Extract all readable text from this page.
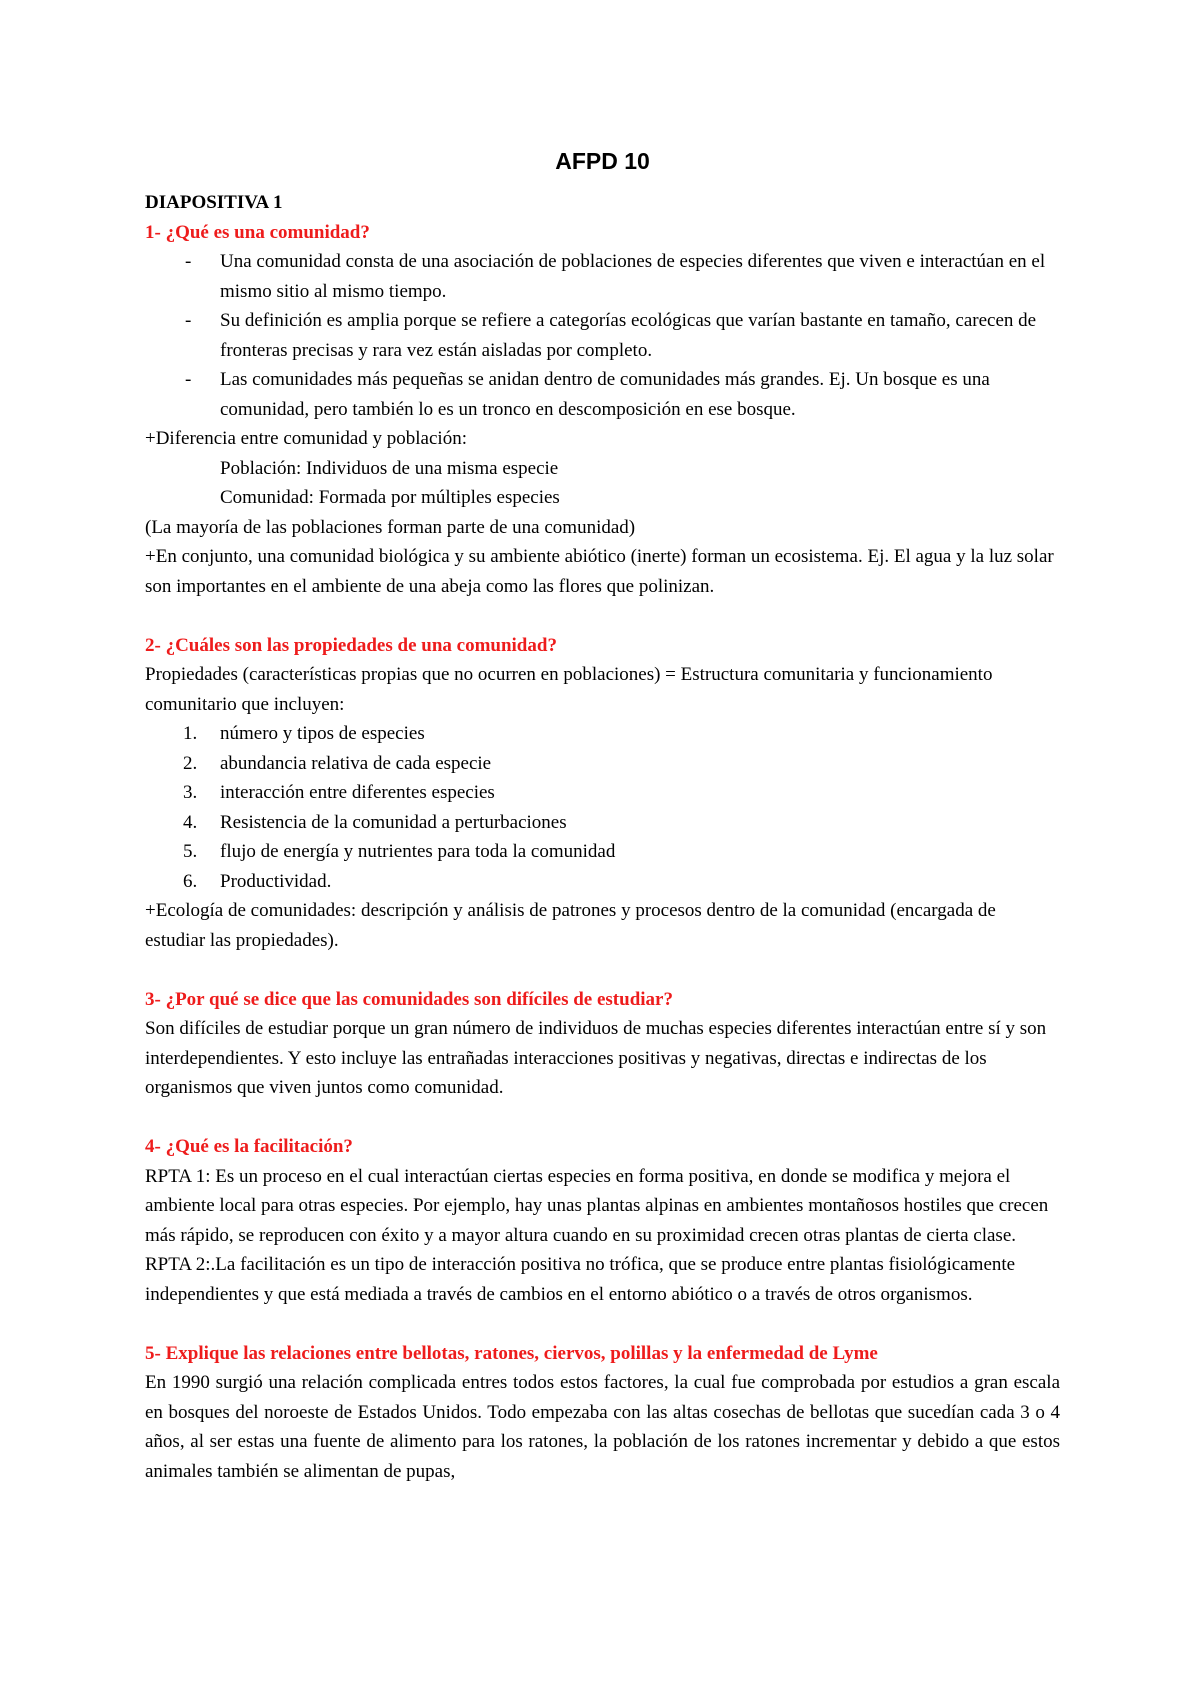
AFPD 10

DIAPOSITIVA 1

1- ¿Qué es una comunidad?

- Una comunidad consta de una asociación de poblaciones de especies diferentes que viven e interactúan en el mismo sitio al mismo tiempo.
- Su definición es amplia porque se refiere a categorías ecológicas que varían bastante en tamaño, carecen de fronteras precisas y rara vez están aisladas por completo.
- Las comunidades más pequeñas se anidan dentro de comunidades más grandes. Ej. Un bosque es una comunidad, pero también lo es un tronco en descomposición en ese bosque.

+Diferencia entre comunidad y población:

Población: Individuos de una misma especie

Comunidad: Formada por múltiples especies

(La mayoría de las poblaciones forman parte de una comunidad)

+En conjunto, una comunidad biológica y su ambiente abiótico (inerte) forman un ecosistema. Ej. El agua y la luz solar son importantes en el ambiente de una abeja como las flores que polinizan.

2- ¿Cuáles son las propiedades de una comunidad?

Propiedades (características propias que no ocurren en poblaciones) = Estructura comunitaria y funcionamiento comunitario que incluyen:

1. número y tipos de especies
2. abundancia relativa de cada especie
3. interacción entre diferentes especies
4. Resistencia de la comunidad a perturbaciones
5. flujo de energía y nutrientes para toda la comunidad
6. Productividad.

+Ecología de comunidades: descripción y análisis de patrones y procesos dentro de la comunidad (encargada de estudiar las propiedades).

3- ¿Por qué se dice que las comunidades son difíciles de estudiar?

Son difíciles de estudiar porque un gran número de individuos de muchas especies diferentes interactúan entre sí y son interdependientes. Y esto incluye las entrañadas interacciones positivas y negativas, directas e indirectas de los organismos que viven juntos como comunidad.

4- ¿Qué es la facilitación?

RPTA 1: Es un proceso en el cual interactúan ciertas especies en forma positiva, en donde se modifica y mejora el ambiente local para otras especies. Por ejemplo, hay unas plantas alpinas en ambientes montañosos hostiles que crecen más rápido, se reproducen con éxito y a mayor altura cuando en su proximidad crecen otras plantas de cierta clase.

RPTA 2:.La facilitación es un tipo de interacción positiva no trófica, que se produce entre plantas fisiológicamente independientes y que está mediada a través de cambios en el entorno abiótico o a través de otros organismos.

5- Explique las relaciones entre bellotas, ratones, ciervos, polillas y la enfermedad de Lyme

En 1990 surgió una relación complicada entres todos estos factores, la cual fue comprobada por estudios a gran escala en bosques del noroeste de Estados Unidos. Todo empezaba con las altas cosechas de bellotas que sucedían cada 3 o 4 años, al ser estas una fuente de alimento para los ratones, la población de los ratones incrementar y debido a que estos animales también se alimentan de pupas,
